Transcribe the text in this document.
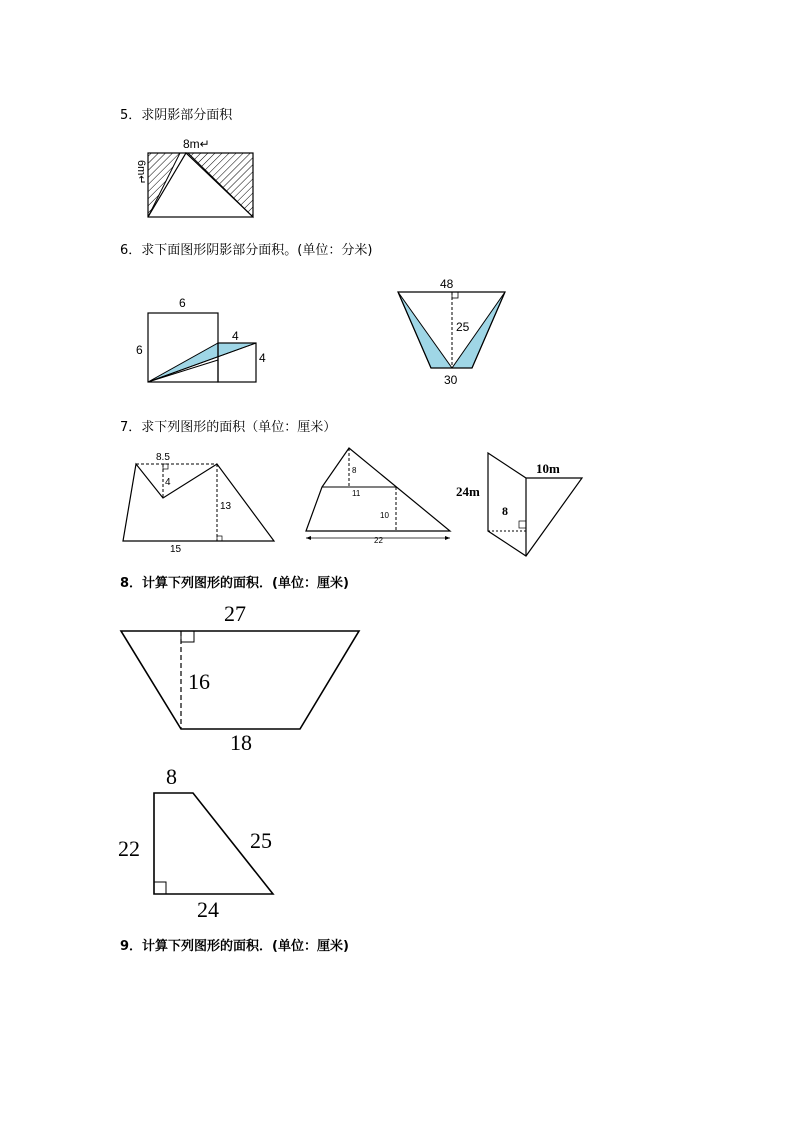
5．求阴影部分面积
6．求下面图形阴影部分面积。(单位：分米)
7．求下列图形的面积（单位：厘米）
8．计算下列图形的面积．(单位：厘米)
9．计算下列图形的面积．(单位：厘米)
8m↵
6m↵
6
6
4
4
48
25
30
8.5
4
13
15
8
11
10
22
24m
10m
8
27
16
18
8
22	25
24
